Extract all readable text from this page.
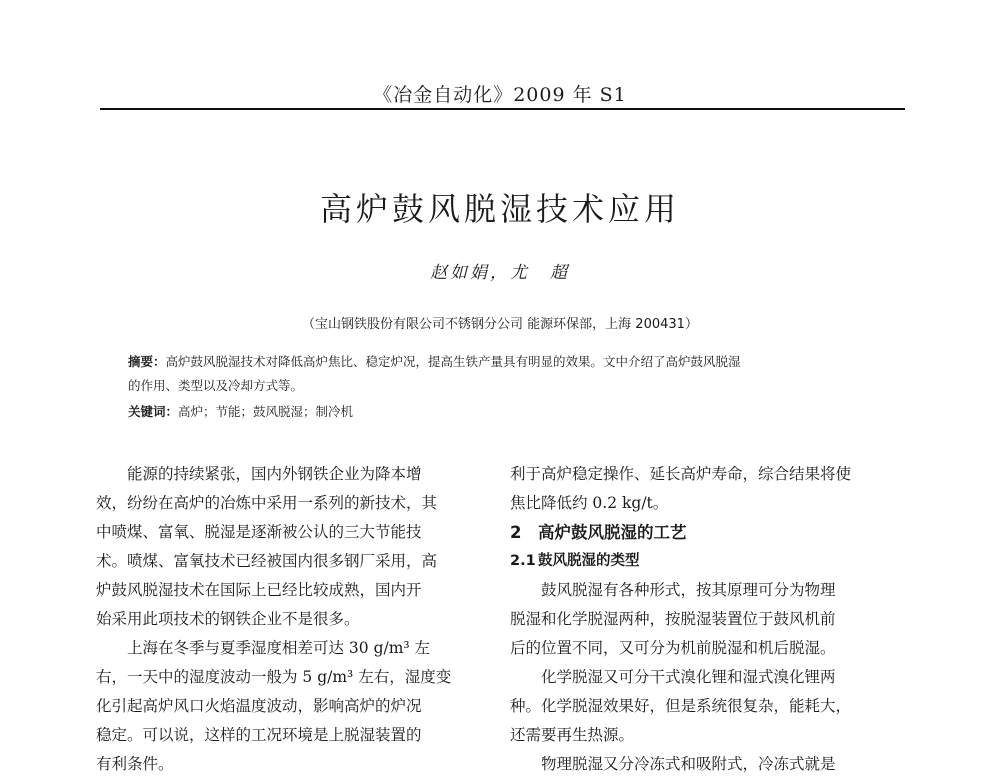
《冶金自动化》2009 年 S1
高炉鼓风脱湿技术应用
赵如娟，尤　超
（宝山钢铁股份有限公司不锈钢分公司 能源环保部，上海 200431）
摘要：高炉鼓风脱湿技术对降低高炉焦比、稳定炉况，提高生铁产量具有明显的效果。文中介绍了高炉鼓风脱湿
的作用、类型以及冷却方式等。
关键词：高炉；节能；鼓风脱湿；制冷机

能源的持续紧张，国内外钢铁企业为降本增
效，纷纷在高炉的冶炼中采用一系列的新技术，其
中喷煤、富氧、脱湿是逐渐被公认的三大节能技
术。喷煤、富氧技术已经被国内很多钢厂采用，高
炉鼓风脱湿技术在国际上已经比较成熟，国内开
始采用此项技术的钢铁企业不是很多。

上海在冬季与夏季湿度相差可达 30 g/m³ 左
右，一天中的湿度波动一般为 5 g/m³ 左右，湿度变
化引起高炉风口火焰温度波动，影响高炉的炉况
稳定。可以说，这样的工况环境是上脱湿装置的
有利条件。

利于高炉稳定操作、延长高炉寿命，综合结果将使
焦比降低约 0.2 kg/t。

2 高炉鼓风脱湿的工艺
2.1 鼓风脱湿的类型

鼓风脱湿有各种形式，按其原理可分为物理
脱湿和化学脱湿两种，按脱湿装置位于鼓风机前
后的位置不同，又可分为机前脱湿和机后脱湿。

化学脱湿又可分干式溴化锂和湿式溴化锂两
种。化学脱湿效果好，但是系统很复杂，能耗大，
还需要再生热源。

物理脱湿又分冷冻式和吸附式，冷冻式就是
